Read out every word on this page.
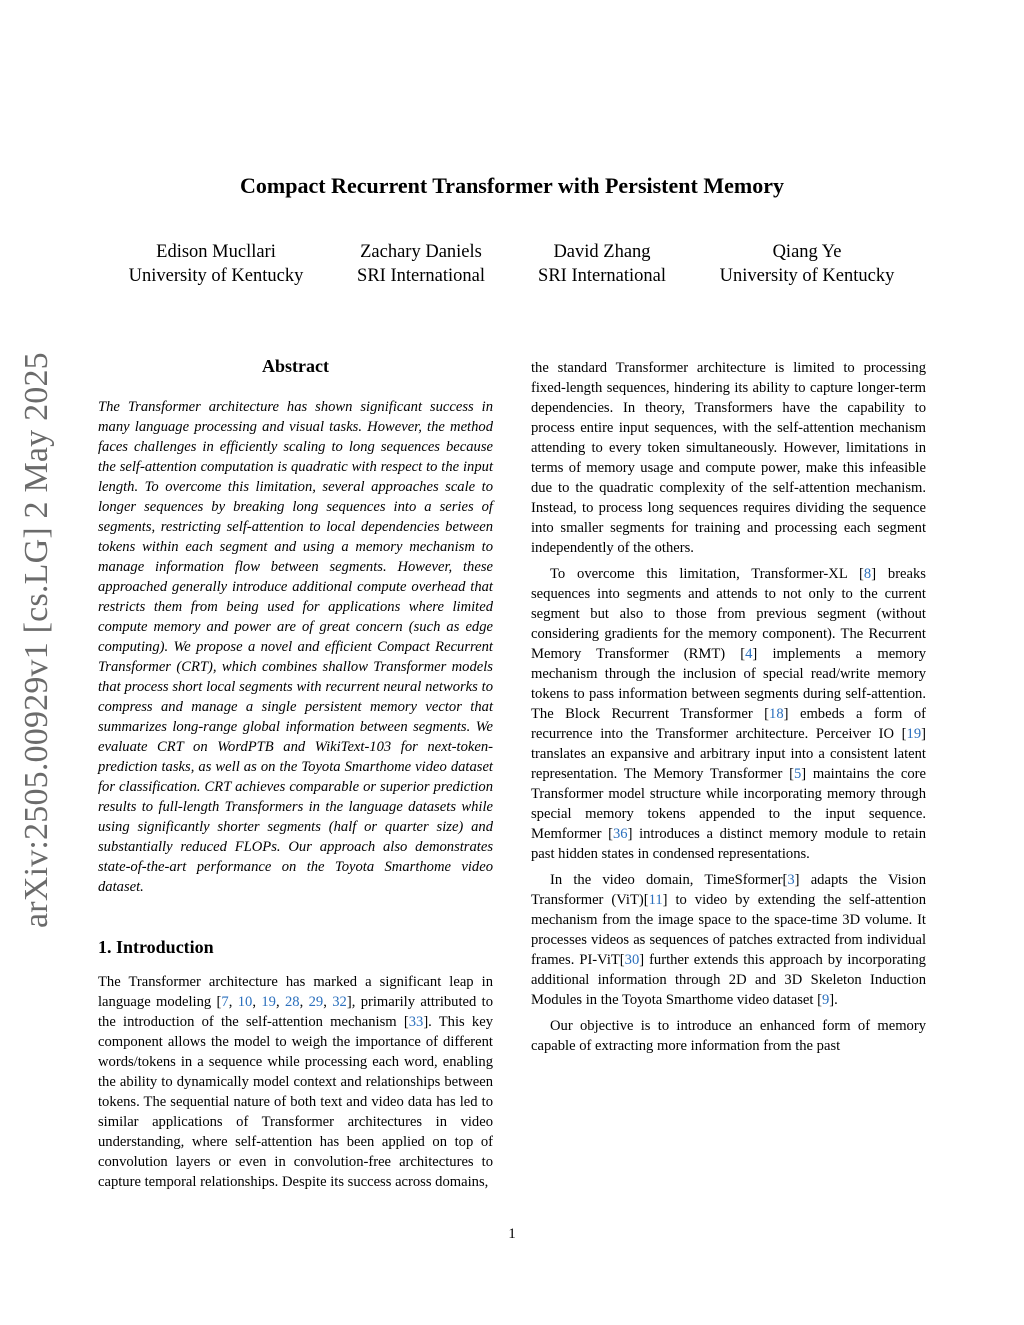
Compact Recurrent Transformer with Persistent Memory
Edison Mucllari
University of Kentucky
Zachary Daniels
SRI International
David Zhang
SRI International
Qiang Ye
University of Kentucky
arXiv:2505.00929v1 [cs.LG] 2 May 2025	Abstract

The Transformer architecture has shown significant success in many language processing and visual tasks. However, the method faces challenges in efficiently scaling to long sequences because the self-attention computation is quadratic with respect to the input length. To overcome this limitation, several approaches scale to longer sequences by breaking long sequences into a series of segments, restricting self-attention to local dependencies between tokens within each segment and using a memory mechanism to manage information flow between segments. However, these approached generally introduce additional compute overhead that restricts them from being used for applications where limited compute memory and power are of great concern (such as edge computing). We propose a novel and efficient Compact Recurrent Transformer (CRT), which combines shallow Transformer models that process short local segments with recurrent neural networks to compress and manage a single persistent memory vector that summarizes long-range global information between segments. We evaluate CRT on WordPTB and WikiText-103 for next-token-prediction tasks, as well as on the Toyota Smarthome video dataset for classification. CRT achieves comparable or superior prediction results to full-length Transformers in the language datasets while using significantly shorter segments (half or quarter size) and substantially reduced FLOPs. Our approach also demonstrates state-of-the-art performance on the Toyota Smarthome video dataset.

1. Introduction

The Transformer architecture has marked a significant leap in language modeling [7, 10, 19, 28, 29, 32], primarily attributed to the introduction of the self-attention mechanism [33]. This key component allows the model to weigh the importance of different words/tokens in a sequence while processing each word, enabling the ability to dynamically model context and relationships between tokens. The sequential nature of both text and video data has led to similar applications of Transformer architectures in video understanding, where self-attention has been applied on top of convolution layers or even in convolution-free architectures to capture temporal relationships. Despite its success across domains,

the standard Transformer architecture is limited to processing fixed-length sequences, hindering its ability to capture longer-term dependencies. In theory, Transformers have the capability to process entire input sequences, with the self-attention mechanism attending to every token simultaneously. However, limitations in terms of memory usage and compute power, make this infeasible due to the quadratic complexity of the self-attention mechanism. Instead, to process long sequences requires dividing the sequence into smaller segments for training and processing each segment independently of the others.

To overcome this limitation, Transformer-XL [8] breaks sequences into segments and attends to not only to the current segment but also to those from previous segment (without considering gradients for the memory component). The Recurrent Memory Transformer (RMT) [4] implements a memory mechanism through the inclusion of special read/write memory tokens to pass information between segments during self-attention. The Block Recurrent Transformer [18] embeds a form of recurrence into the Transformer architecture. Perceiver IO [19] translates an expansive and arbitrary input into a consistent latent representation. The Memory Transformer [5] maintains the core Transformer model structure while incorporating memory through special memory tokens appended to the input sequence. Memformer [36] introduces a distinct memory module to retain past hidden states in condensed representations.

In the video domain, TimeSformer[3] adapts the Vision Transformer (ViT)[11] to video by extending the self-attention mechanism from the image space to the space-time 3D volume. It processes videos as sequences of patches extracted from individual frames. PI-ViT[30] further extends this approach by incorporating additional information through 2D and 3D Skeleton Induction Modules in the Toyota Smarthome video dataset [9].

Our objective is to introduce an enhanced form of memory capable of extracting more information from the past

1
